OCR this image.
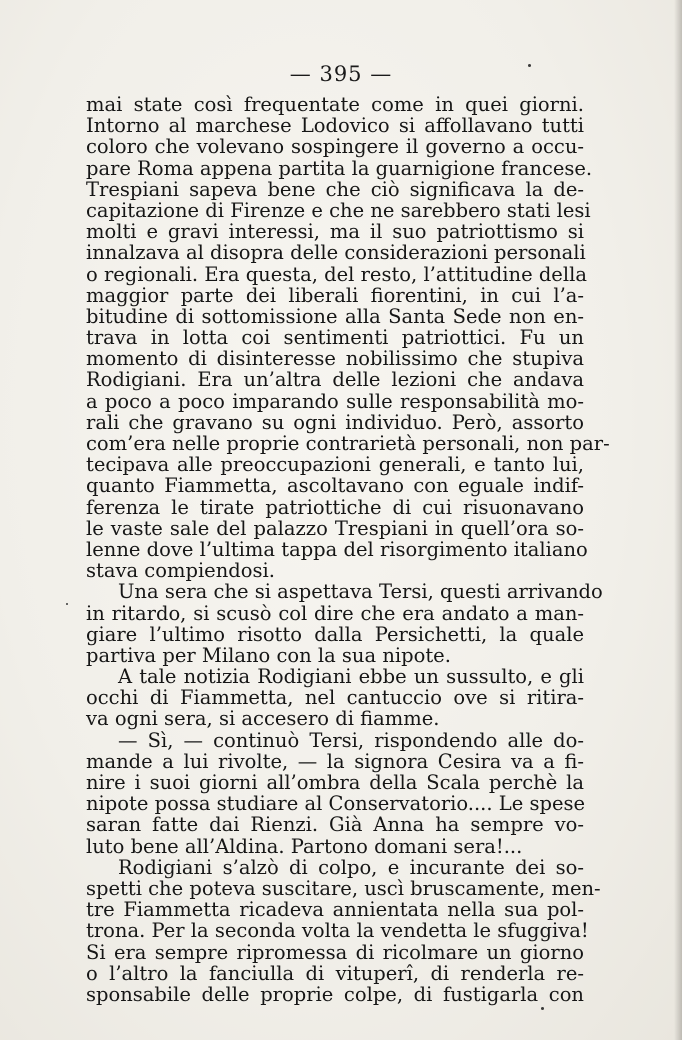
— 395 —
mai state così frequentate come in quei giorni.
Intorno al marchese Lodovico si affollavano tutti
coloro che volevano sospingere il governo a occu-
pare Roma appena partita la guarnigione francese.
Trespiani sapeva bene che ciò significava la de-
capitazione di Firenze e che ne sarebbero stati lesi
molti e gravi interessi, ma il suo patriottismo si
innalzava al disopra delle considerazioni personali
o regionali. Era questa, del resto, l’attitudine della
maggior parte dei liberali fiorentini, in cui l’a-
bitudine di sottomissione alla Santa Sede non en-
trava in lotta coi sentimenti patriottici. Fu un
momento di disinteresse nobilissimo che stupiva
Rodigiani. Era un’altra delle lezioni che andava
a poco a poco imparando sulle responsabilità mo-
rali che gravano su ogni individuo. Però, assorto
com’era nelle proprie contrarietà personali, non par-
tecipava alle preoccupazioni generali, e tanto lui,
quanto Fiammetta, ascoltavano con eguale indif-
ferenza le tirate patriottiche di cui risuonavano
le vaste sale del palazzo Trespiani in quell’ora so-
lenne dove l’ultima tappa del risorgimento italiano
stava compiendosi.
Una sera che si aspettava Tersi, questi arrivando
in ritardo, si scusò col dire che era andato a man-
giare l’ultimo risotto dalla Persichetti, la quale
partiva per Milano con la sua nipote.
A tale notizia Rodigiani ebbe un sussulto, e gli
occhi di Fiammetta, nel cantuccio ove si ritira-
va ogni sera, si accesero di fiamme.
— Sì, — continuò Tersi, rispondendo alle do-
mande a lui rivolte, — la signora Cesira va a fi-
nire i suoi giorni all’ombra della Scala perchè la
nipote possa studiare al Conservatorio.... Le spese
saran fatte dai Rienzi. Già Anna ha sempre vo-
luto bene all’Aldina. Partono domani sera!...
Rodigiani s’alzò di colpo, e incurante dei so-
spetti che poteva suscitare, uscì bruscamente, men-
tre Fiammetta ricadeva annientata nella sua pol-
trona. Per la seconda volta la vendetta le sfuggiva!
Si era sempre ripromessa di ricolmare un giorno
o l’altro la fanciulla di vituperî, di renderla re-
sponsabile delle proprie colpe, di fustigarla con
